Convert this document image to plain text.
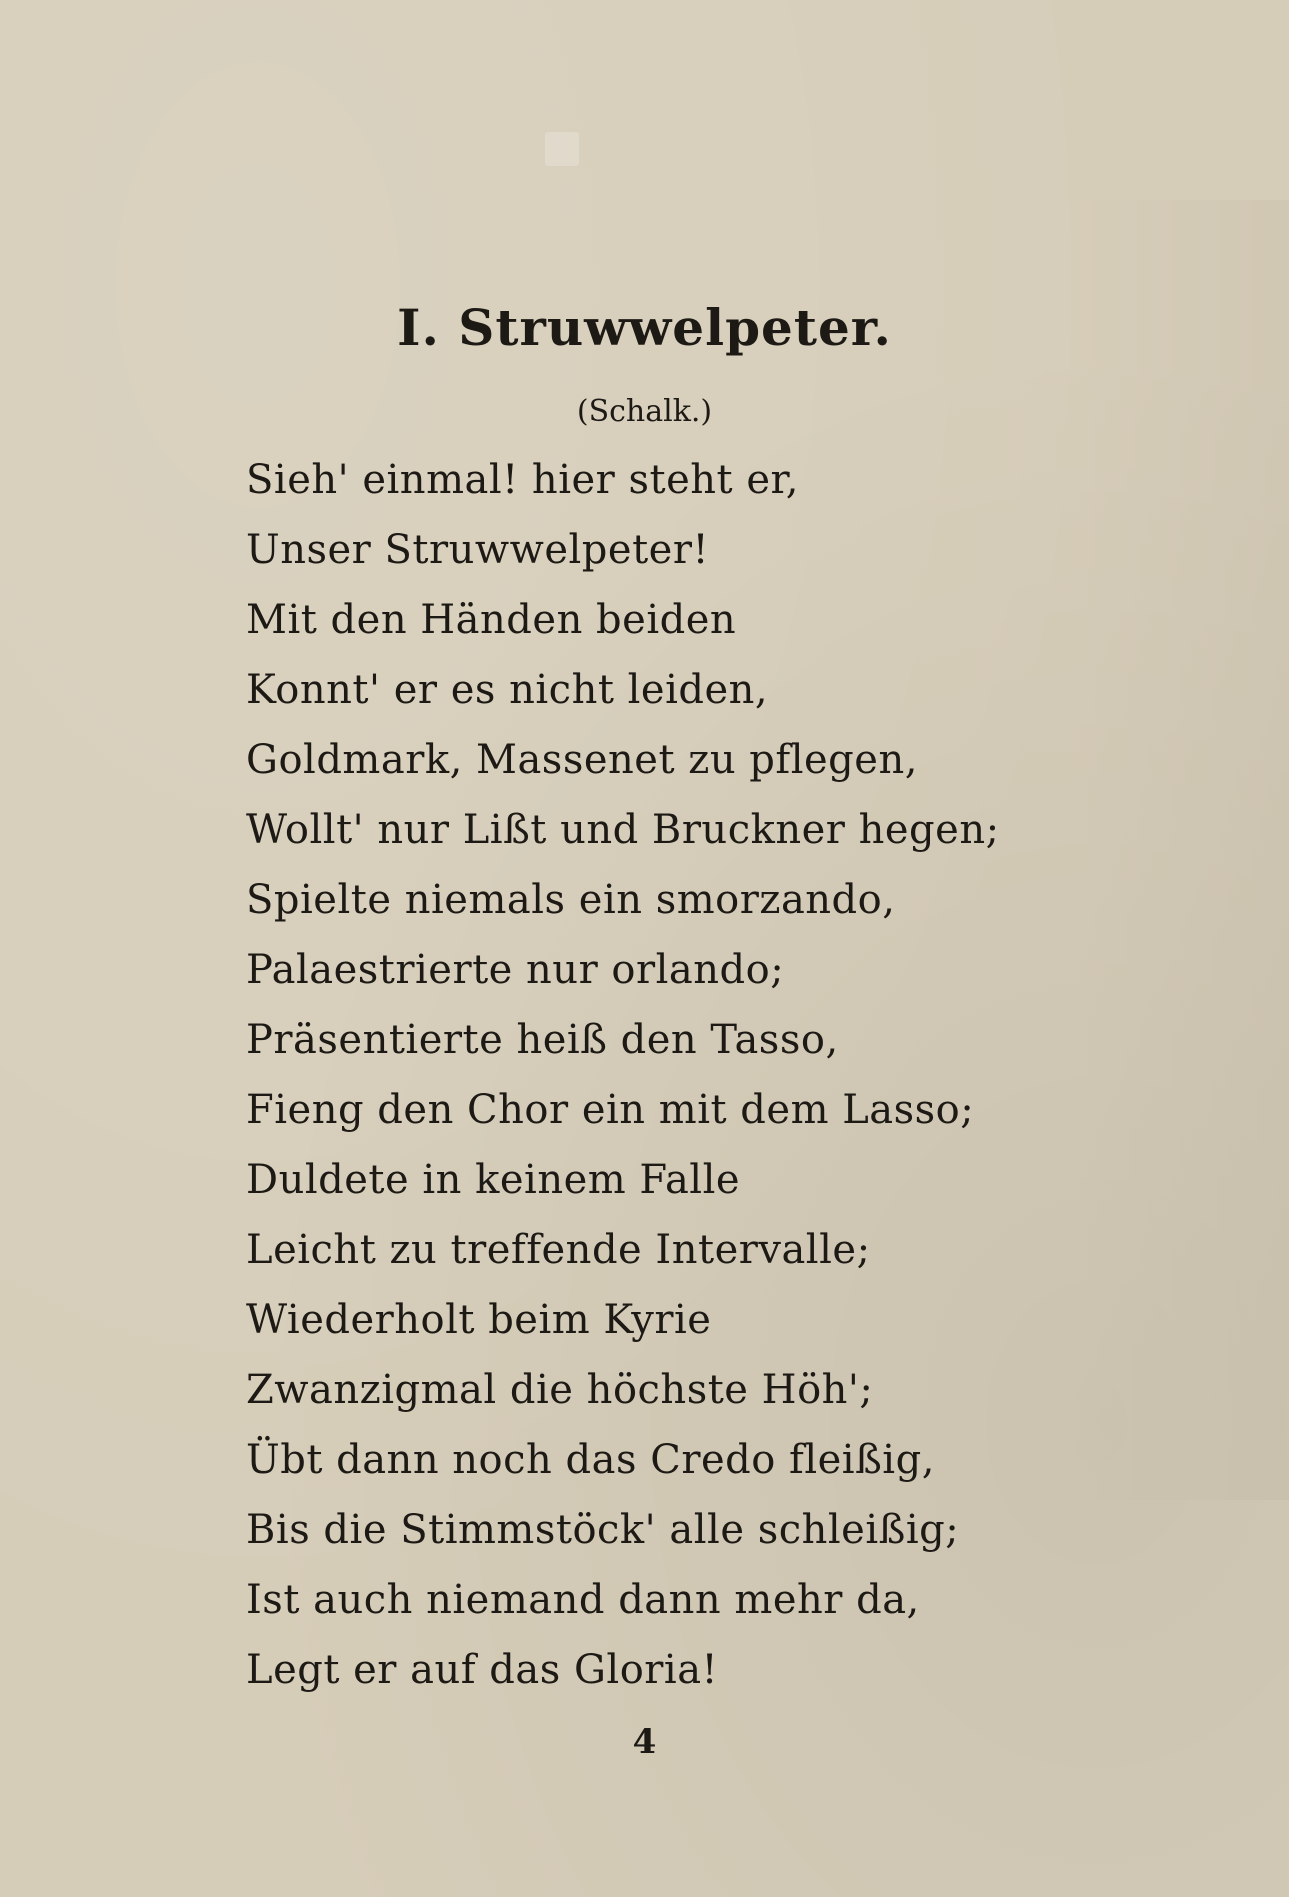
I. Struwwelpeter.
(Schalk.)
Sieh' einmal! hier steht er,
Unser Struwwelpeter!
Mit den Händen beiden
Konnt' er es nicht leiden,
Goldmark, Massenet zu pflegen,
Wollt' nur Lißt und Bruckner hegen;
Spielte niemals ein smorzando,
Palaestrierte nur orlando;
Präsentierte heiß den Tasso,
Fieng den Chor ein mit dem Lasso;
Duldete in keinem Falle
Leicht zu treffende Intervalle;
Wiederholt beim Kyrie
Zwanzigmal die höchste Höh';
Übt dann noch das Credo fleißig,
Bis die Stimmstöck' alle schleißig;
Ist auch niemand dann mehr da,
Legt er auf das Gloria!
4
